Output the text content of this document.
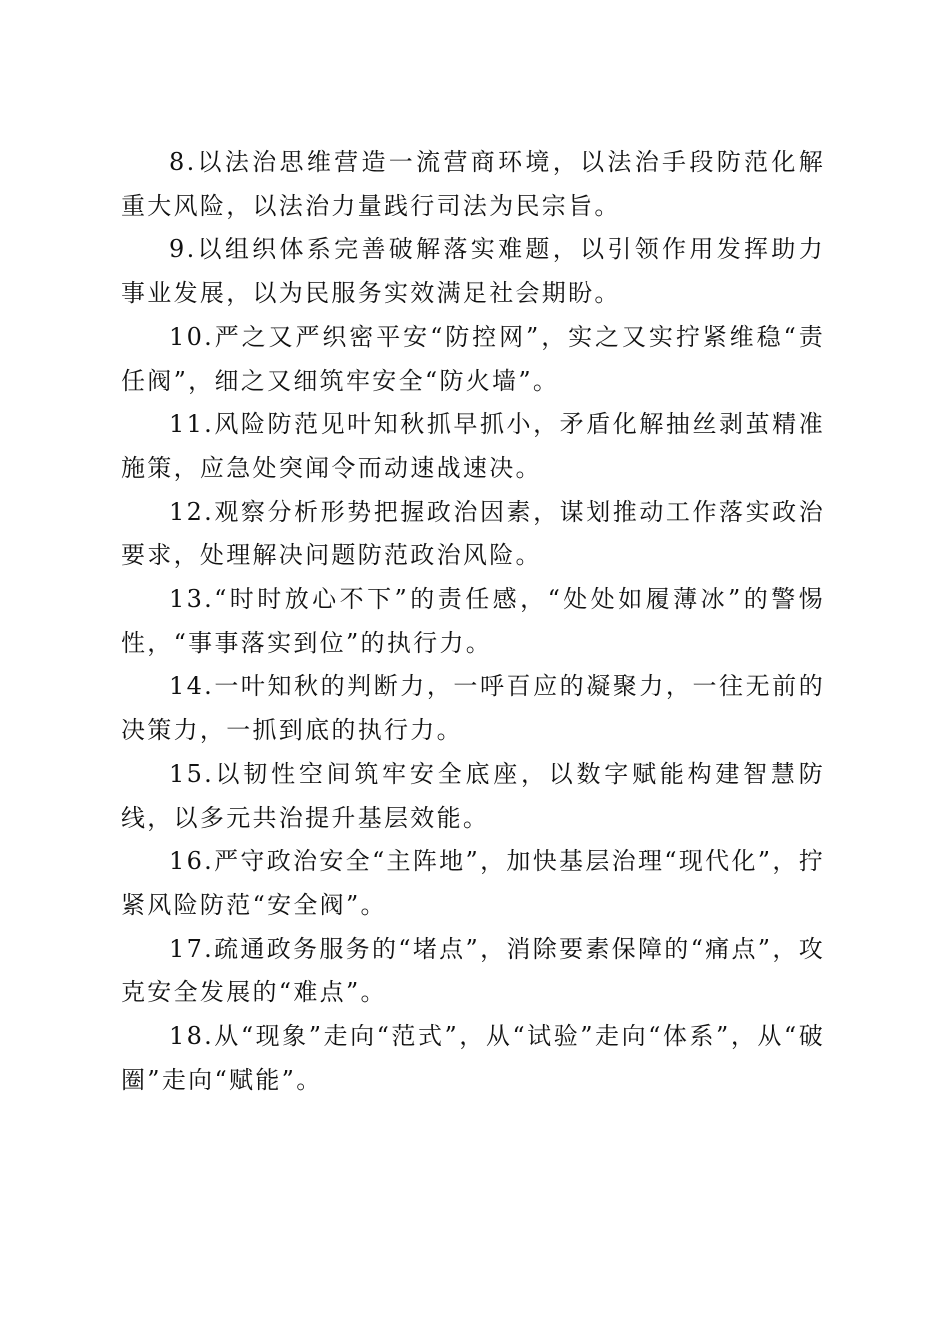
8.以法治思维营造一流营商环境，以法治手段防范化解重大风险，以法治力量践行司法为民宗旨。

9.以组织体系完善破解落实难题，以引领作用发挥助力事业发展，以为民服务实效满足社会期盼。

10.严之又严织密平安“防控网”，实之又实拧紧维稳“责任阀”，细之又细筑牢安全“防火墙”。

11.风险防范见叶知秋抓早抓小，矛盾化解抽丝剥茧精准施策，应急处突闻令而动速战速决。

12.观察分析形势把握政治因素，谋划推动工作落实政治要求，处理解决问题防范政治风险。

13.“时时放心不下”的责任感，“处处如履薄冰”的警惕性，“事事落实到位”的执行力。

14.一叶知秋的判断力，一呼百应的凝聚力，一往无前的决策力，一抓到底的执行力。

15.以韧性空间筑牢安全底座，以数字赋能构建智慧防线，以多元共治提升基层效能。

16.严守政治安全“主阵地”，加快基层治理“现代化”，拧紧风险防范“安全阀”。

17.疏通政务服务的“堵点”，消除要素保障的“痛点”，攻克安全发展的“难点”。

18.从“现象”走向“范式”，从“试验”走向“体系”，从“破圈”走向“赋能”。
